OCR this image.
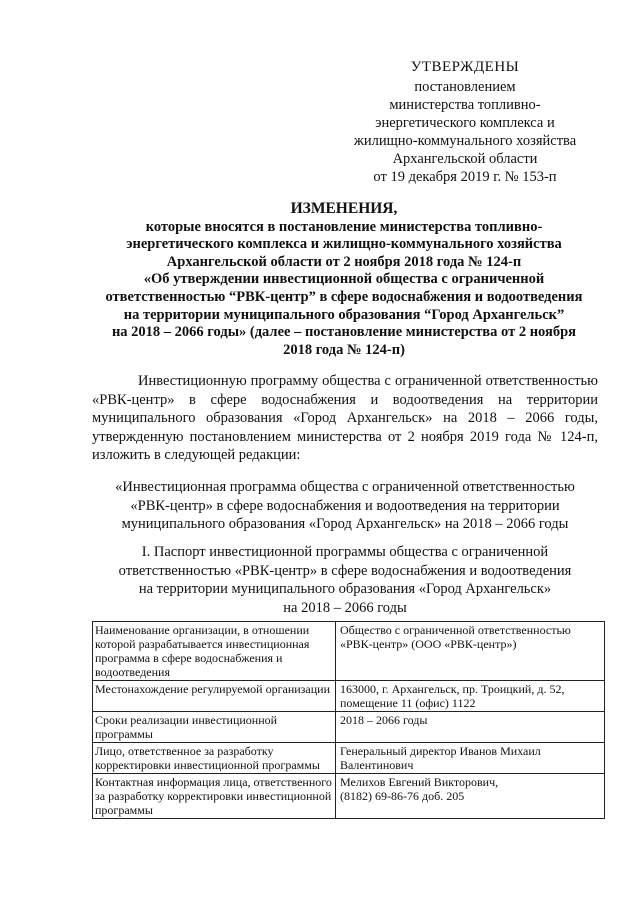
УТВЕРЖДЕНЫ
постановлением
министерства топливно-
энергетического комплекса и
жилищно-коммунального хозяйства
Архангельской области
от 19 декабря 2019 г. № 153-п
ИЗМЕНЕНИЯ,
которые вносятся в постановление министерства топливно-
энергетического комплекса и жилищно-коммунального хозяйства
Архангельской области от 2 ноября 2018 года № 124-п
«Об утверждении инвестиционной общества с ограниченной
ответственностью “РВК-центр” в сфере водоснабжения и водоотведения
на территории муниципального образования “Город Архангельск”
на 2018 – 2066 годы» (далее – постановление министерства от 2 ноября
2018 года № 124-п)
Инвестиционную программу общества с ограниченной ответственностью «РВК-центр» в сфере водоснабжения и водоотведения на территории муниципального образования «Город Архангельск» на 2018 – 2066 годы, утвержденную постановлением министерства от 2 ноября 2019 года № 124-п, изложить в следующей редакции:
«Инвестиционная программа общества с ограниченной ответственностью
«РВК-центр» в сфере водоснабжения и водоотведения на территории
муниципального образования «Город Архангельск» на 2018 – 2066 годы
I. Паспорт инвестиционной программы общества с ограниченной
ответственностью «РВК-центр» в сфере водоснабжения и водоотведения
на территории муниципального образования «Город Архангельск»
на 2018 – 2066 годы
Наименование организации, в отношении которой разрабатывается инвестиционная программа в сфере водоснабжения и водоотведения	Общество с ограниченной ответственностью «РВК-центр» (ООО «РВК-центр»)
Местонахождение регулируемой организации	163000, г. Архангельск, пр. Троицкий, д. 52, помещение 11 (офис) 1122
Сроки реализации инвестиционной программы	2018 – 2066 годы
Лицо, ответственное за разработку корректировки инвестиционной программы	Генеральный директор Иванов Михаил Валентинович
Контактная информация лица, ответственного за разработку корректировки инвестиционной программы	Мелихов Евгений Викторович,
(8182) 69-86-76 доб. 205
